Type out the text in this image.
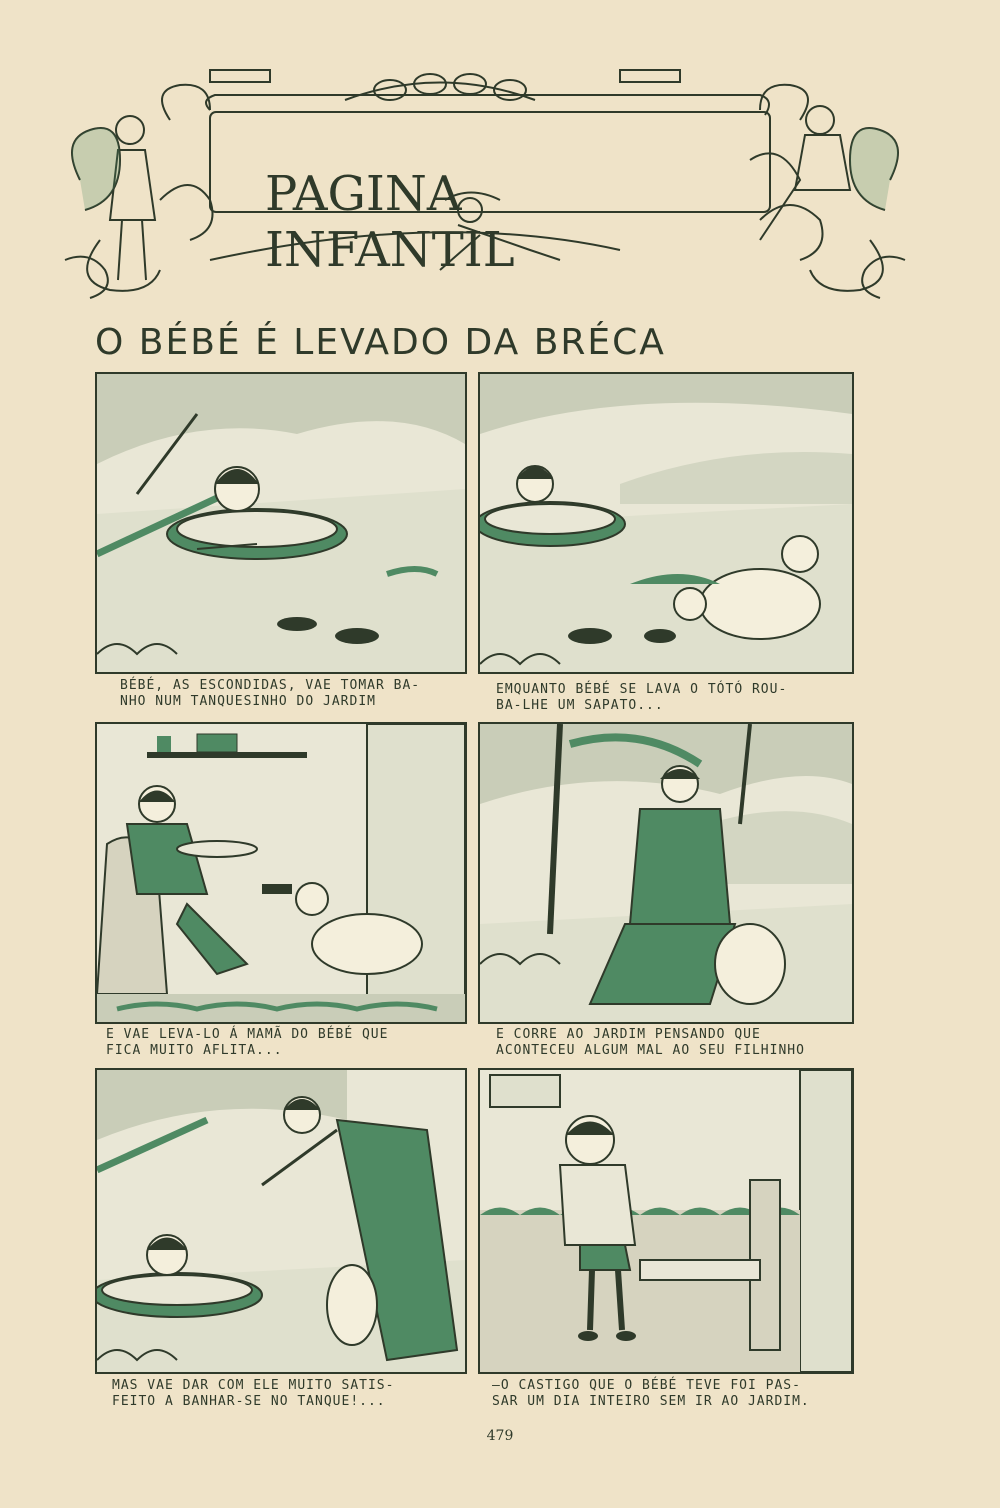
PAGINA INFANTIL
O BÉBÉ É LEVADO DA BRÉCA
BÉBÉ, AS ESCONDIDAS, VAE TOMAR BA-
NHO NUM TANQUESINHO DO JARDIM
EMQUANTO BÉBÉ SE LAVA O TÓTÓ ROU-
BA-LHE UM SAPATO...
E VAE LEVA-LO Á MAMÃ DO BÉBÉ QUE
FICA MUITO AFLITA...
E CORRE AO JARDIM PENSANDO QUE
ACONTECEU ALGUM MAL AO SEU FILHINHO
MAS VAE DAR COM ELE MUITO SATIS-
FEITO A BANHAR-SE NO TANQUE!...
—O CASTIGO QUE O BÉBÉ TEVE FOI PAS-
SAR UM DIA INTEIRO SEM IR AO JARDIM.
479
